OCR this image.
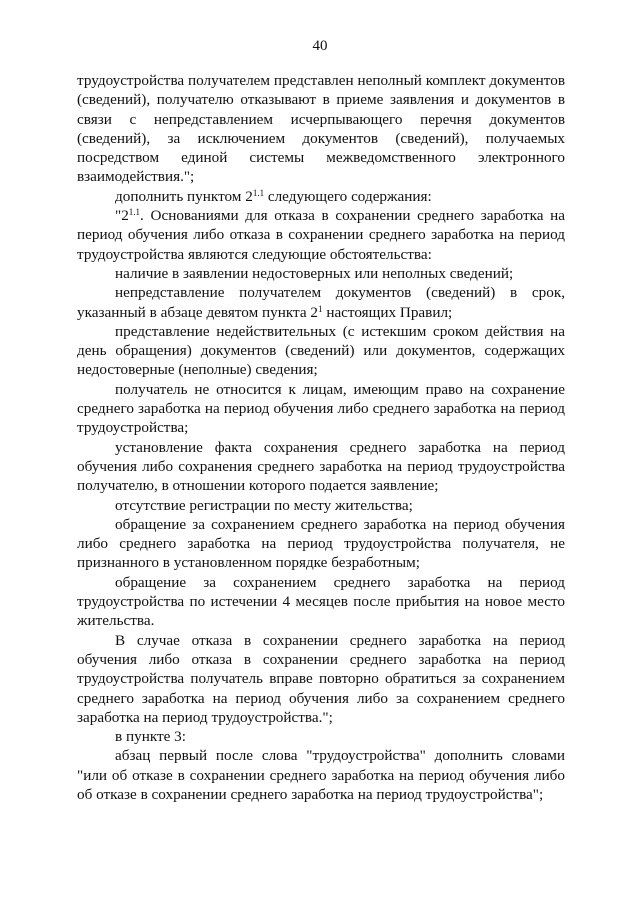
40

трудоустройства получателем представлен неполный комплект документов (сведений), получателю отказывают в приеме заявления и документов в связи с непредставлением исчерпывающего перечня документов (сведений), за исключением документов (сведений), получаемых посредством единой системы межведомственного электронного взаимодействия.";

дополнить пунктом $2^{1.1}$ следующего содержания:

"$2^{1.1}$. Основаниями для отказа в сохранении среднего заработка на период обучения либо отказа в сохранении среднего заработка на период трудоустройства являются следующие обстоятельства:

наличие в заявлении недостоверных или неполных сведений;

непредставление получателем документов (сведений) в срок, указанный в абзаце девятом пункта $2^1$ настоящих Правил;

представление недействительных (с истекшим сроком действия на день обращения) документов (сведений) или документов, содержащих недостоверные (неполные) сведения;

получатель не относится к лицам, имеющим право на сохранение среднего заработка на период обучения либо среднего заработка на период трудоустройства;

установление факта сохранения среднего заработка на период обучения либо сохранения среднего заработка на период трудоустройства получателю, в отношении которого подается заявление;

отсутствие регистрации по месту жительства;

обращение за сохранением среднего заработка на период обучения либо среднего заработка на период трудоустройства получателя, не признанного в установленном порядке безработным;

обращение за сохранением среднего заработка на период трудоустройства по истечении 4 месяцев после прибытия на новое место жительства.

В случае отказа в сохранении среднего заработка на период обучения либо отказа в сохранении среднего заработка на период трудоустройства получатель вправе повторно обратиться за сохранением среднего заработка на период обучения либо за сохранением среднего заработка на период трудоустройства.";

в пункте 3:

абзац первый после слова "трудоустройства" дополнить словами "или об отказе в сохранении среднего заработка на период обучения либо об отказе в сохранении среднего заработка на период трудоустройства";
